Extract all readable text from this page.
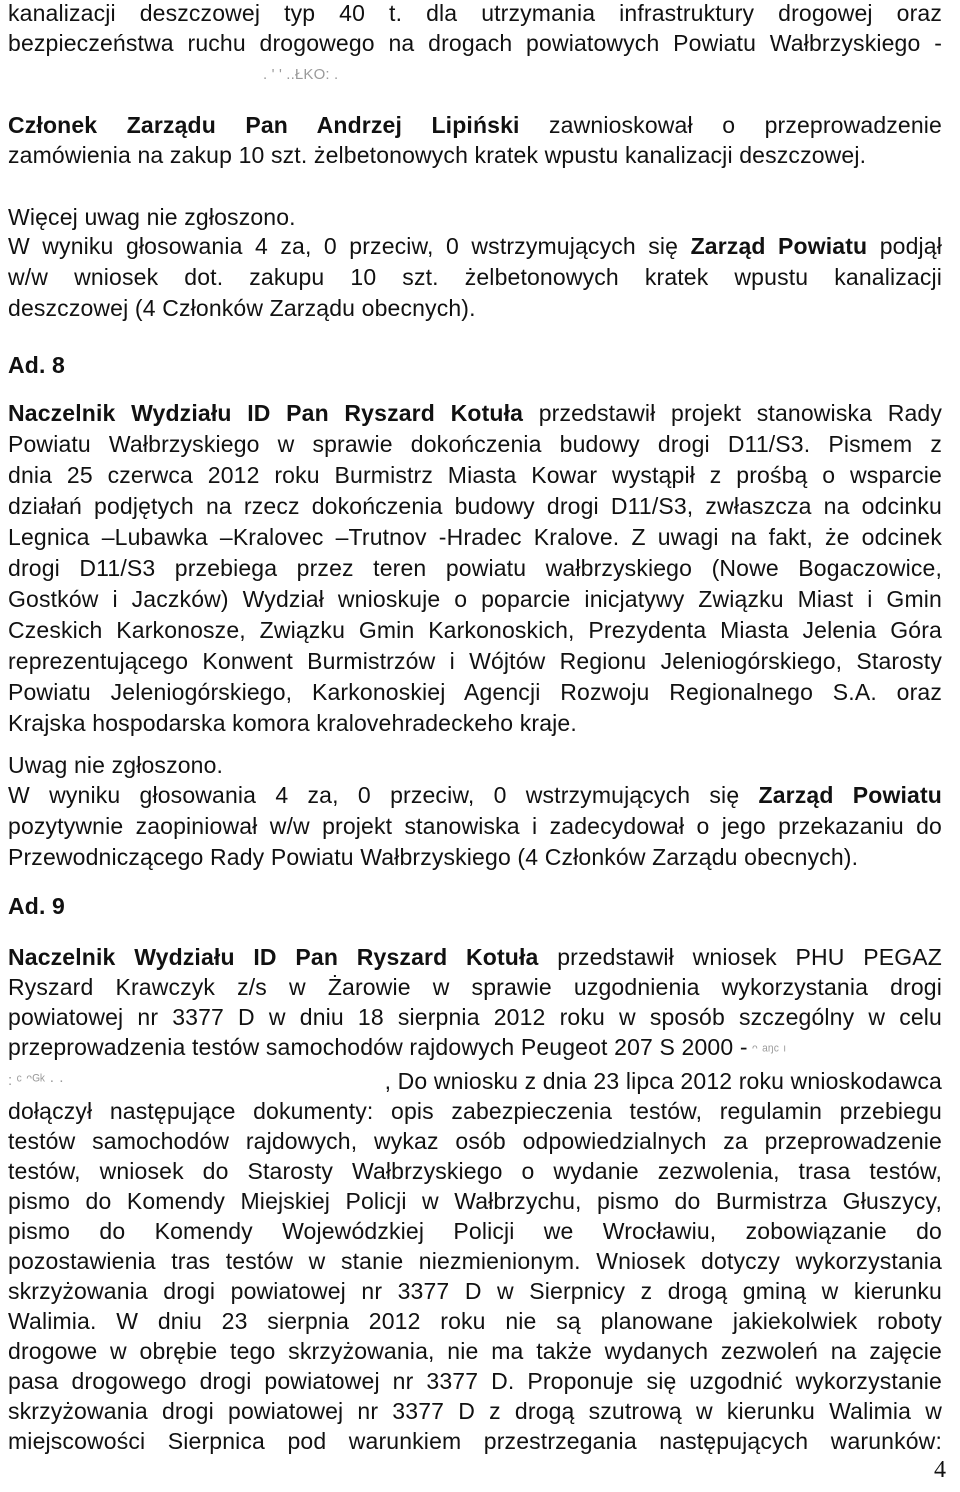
kanalizacji deszczowej typ 40 t. dla utrzymania infrastruktury drogowej oraz
bezpieczeństwa ruchu drogowego na drogach powiatowych Powiatu Wałbrzyskiego -
. ' ' ..ŁKO: .
Członek Zarządu Pan Andrzej Lipiński zawnioskował o przeprowadzenie
zamówienia na zakup 10 szt. żelbetonowych kratek wpustu kanalizacji deszczowej.
Więcej uwag nie zgłoszono.
W wyniku głosowania 4 za, 0 przeciw, 0 wstrzymujących się Zarząd Powiatu podjął
w/w wniosek dot. zakupu 10 szt. żelbetonowych kratek wpustu kanalizacji
deszczowej (4 Członków Zarządu obecnych).
Ad. 8
Naczelnik Wydziału ID Pan Ryszard Kotuła przedstawił projekt stanowiska Rady
Powiatu Wałbrzyskiego w sprawie dokończenia budowy drogi D11/S3. Pismem z
dnia 25 czerwca 2012 roku Burmistrz Miasta Kowar wystąpił z prośbą o wsparcie
działań podjętych na rzecz dokończenia budowy drogi D11/S3, zwłaszcza na odcinku
Legnica –Lubawka –Kralovec –Trutnov -Hradec Kralove. Z uwagi na fakt, że odcinek
drogi D11/S3 przebiega przez teren powiatu wałbrzyskiego (Nowe Bogaczowice,
Gostków i Jaczków) Wydział wnioskuje o poparcie inicjatywy Związku Miast i Gmin
Czeskich Karkonosze, Związku Gmin Karkonoskich, Prezydenta Miasta Jelenia Góra
reprezentującego Konwent Burmistrzów i Wójtów Regionu Jeleniogórskiego, Starosty
Powiatu Jeleniogórskiego, Karkonoskiej Agencji Rozwoju Regionalnego S.A. oraz
Krajska hospodarska komora kralovehradeckeho kraje.
Uwag nie zgłoszono.
W wyniku głosowania 4 za, 0 przeciw, 0 wstrzymujących się Zarząd Powiatu
pozytywnie zaopiniował w/w projekt stanowiska i zadecydował o jego przekazaniu do
Przewodniczącego Rady Powiatu Wałbrzyskiego (4 Członków Zarządu obecnych).
Ad. 9
Naczelnik Wydziału ID Pan Ryszard Kotuła przedstawił wniosek PHU PEGAZ
Ryszard Krawczyk z/s w Żarowie w sprawie uzgodnienia wykorzystania drogi
powiatowej nr 3377 D w dniu 18 sierpnia 2012 roku w sposób szczególny w celu
przeprowadzenia testów samochodów rajdowych Peugeot 207 S 2000 - ᵔ ᵃᵑᶜ ᶦ
: ᶜ ᵔᴳᵏ · ·	, Do wniosku z dnia 23 lipca 2012 roku wnioskodawca
dołączył następujące dokumenty: opis zabezpieczenia testów, regulamin przebiegu
testów samochodów rajdowych, wykaz osób odpowiedzialnych za przeprowadzenie
testów, wniosek do Starosty Wałbrzyskiego o wydanie zezwolenia, trasa testów,
pismo do Komendy Miejskiej Policji w Wałbrzychu, pismo do Burmistrza Głuszycy,
pismo do Komendy Wojewódzkiej Policji we Wrocławiu, zobowiązanie do
pozostawienia tras testów w stanie niezmienionym. Wniosek dotyczy wykorzystania
skrzyżowania drogi powiatowej nr 3377 D w Sierpnicy z drogą gminą w kierunku
Walimia. W dniu 23 sierpnia 2012 roku nie są planowane jakiekolwiek roboty
drogowe w obrębie tego skrzyżowania, nie ma także wydanych zezwoleń na zajęcie
pasa drogowego drogi powiatowej nr 3377 D. Proponuje się uzgodnić wykorzystanie
skrzyżowania drogi powiatowej nr 3377 D z drogą szutrową w kierunku Walimia w
miejscowości Sierpnica pod warunkiem przestrzegania następujących warunków:
4
